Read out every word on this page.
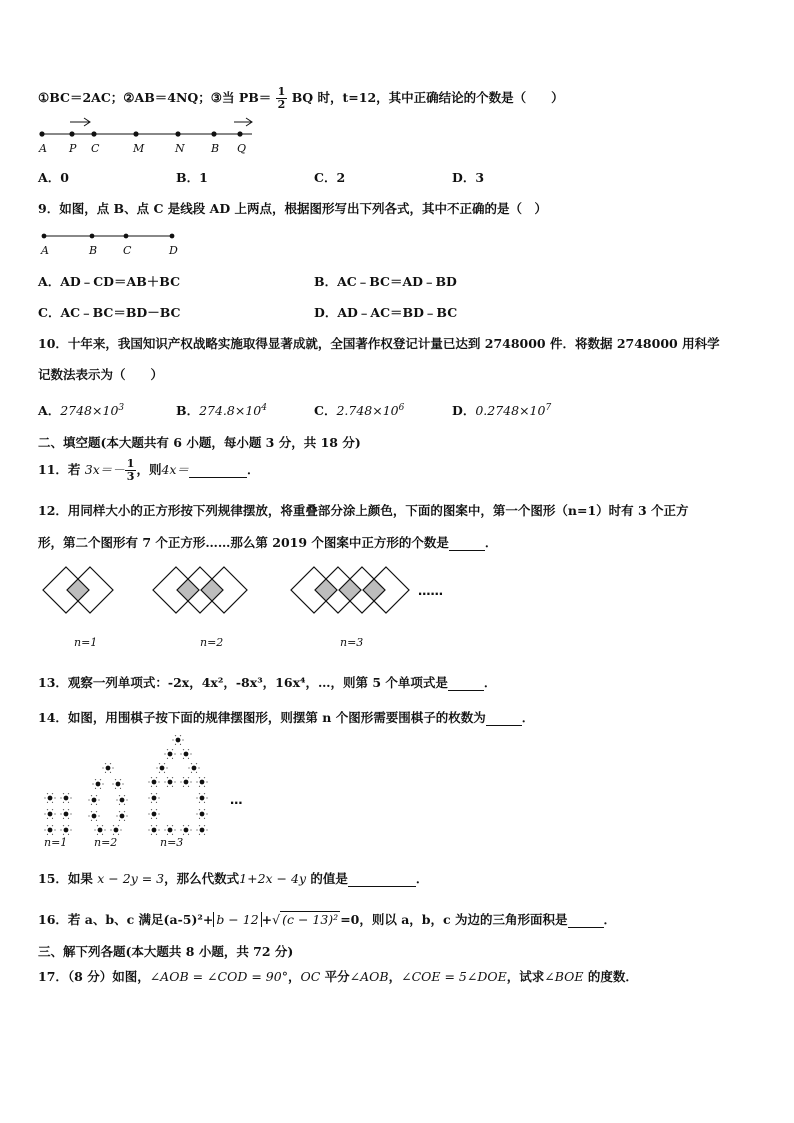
①BC＝2AC；②AB＝4NQ；③当 $PB= \frac{1}{2}$ BQ 时，t=12，其中正确结论的个数是（　　）
A P C	M	N B Q
A．0	B．1	C．2	D．3
9．如图，点 B、点 C 是线段 AD 上两点，根据图形写出下列各式，其中不正确的是（　）
A	B C	D
A．AD﹣CD＝AB＋BC	B．AC﹣BC＝AD﹣BD
C．AC﹣BC＝BD－BC	D．AD﹣AC＝BD﹣BC
10．十年来，我国知识产权战略实施取得显著成就，全国著作权登记计量已达到 2748000 件．将数据 2748000 用科学
记数法表示为（　　）
A．$2748\times 10^3$	B．$274.8\times 10^4$	C．$2.748\times 10^6$	D．$0.2748\times 10^7$
二、填空题(本大题共有 6 小题，每小题 3 分，共 18 分)
11．若 $3x=- \frac{1}{3}$ ，则4x＝	．
12．用同样大小的正方形按下列规律摆放，将重叠部分涂上颜色，下面的图案中，第一个图形（n=1）时有 3 个正方
形，第二个图形有 7 个正方形……那么第 2019 个图案中正方形的个数是	．
n=1	n=2	n=3
……
13．观察一列单项式：-2x，4x²，-8x³，16x⁴，…，则第 5 个单项式是	．
14．如图，用围棋子按下面的规律摆图形，则摆第 n 个图形需要围棋子的枚数为	．
n=1 n=2	n=3
…
15．如果 x − 2y = 3，那么代数式1+2x − 4y 的值是	．
16．若 a、b、c 满足(a-5)²+ b − 12 +√ (c − 13)² =0，则以 a，b，c 为边的三角形面积是	．
三、解下列各题(本大题共 8 小题，共 72 分)
17．（8 分）如图，∠AOB = ∠COD = 90°，OC 平分∠AOB，∠COE = 5∠DOE，试求∠BOE 的度数．
